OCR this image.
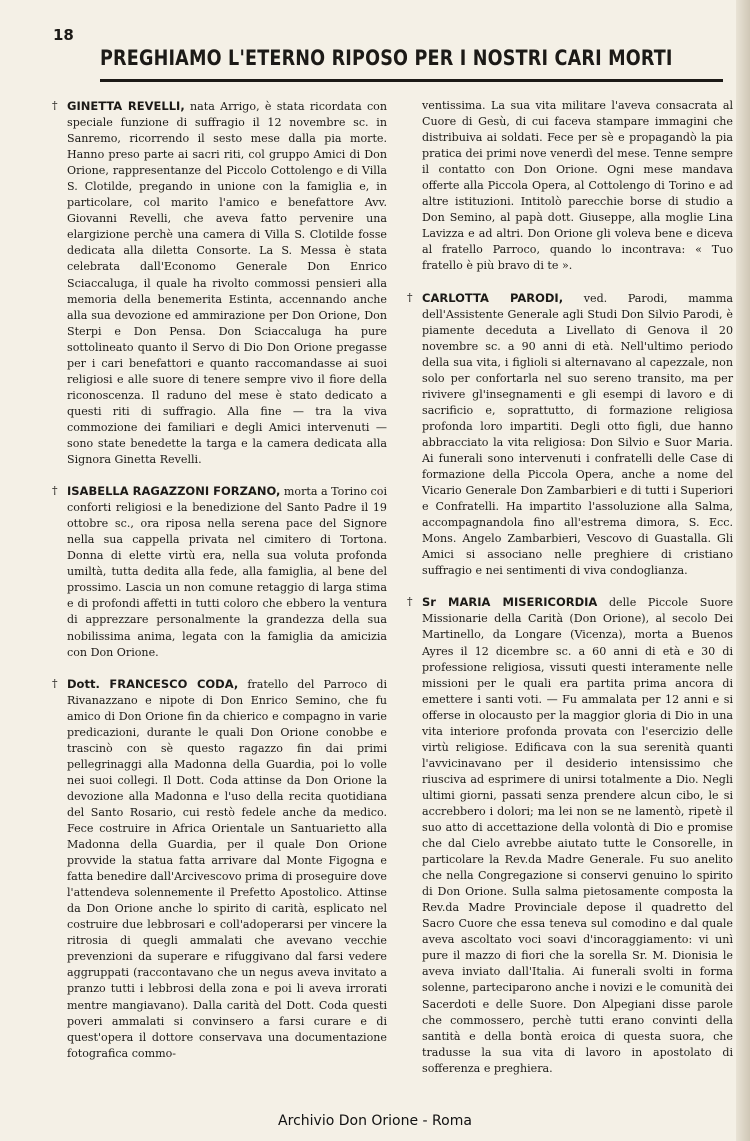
18
PREGHIAMO L'ETERNO RIPOSO PER I NOSTRI CARI MORTI

† GINETTA REVELLI, nata Arrigo, è stata ricordata con speciale funzione di suffragio il 12 novembre sc. in Sanremo, ricorrendo il sesto mese dalla pia morte. Hanno preso parte ai sacri riti, col gruppo Amici di Don Orione, rappresentanze del Piccolo Cottolengo e di Villa S. Clotilde, pregando in unione con la famiglia e, in particolare, col marito l'amico e benefattore Avv. Giovanni Revelli, che aveva fatto pervenire una elargizione perchè una camera di Villa S. Clotilde fosse dedicata alla diletta Consorte. La S. Messa è stata celebrata dall'Economo Generale Don Enrico Sciaccaluga, il quale ha rivolto commossi pensieri alla memoria della benemerita Estinta, accennando anche alla sua devozione ed ammirazione per Don Orione, Don Sterpi e Don Pensa. Don Sciaccaluga ha pure sottolineato quanto il Servo di Dio Don Orione pregasse per i cari benefattori e quanto raccomandasse ai suoi religiosi e alle suore di tenere sempre vivo il fiore della riconoscenza. Il raduno del mese è stato dedicato a questi riti di suffragio. Alla fine — tra la viva commozione dei familiari e degli Amici intervenuti — sono state benedette la targa e la camera dedicata alla Signora Ginetta Revelli.

† ISABELLA RAGAZZONI FORZANO, morta a Torino coi conforti religiosi e la benedizione del Santo Padre il 19 ottobre sc., ora riposa nella serena pace del Signore nella sua cappella privata nel cimitero di Tortona. Donna di elette virtù era, nella sua voluta profonda umiltà, tutta dedita alla fede, alla famiglia, al bene del prossimo. Lascia un non comune retaggio di larga stima e di profondi affetti in tutti coloro che ebbero la ventura di apprezzare personalmente la grandezza della sua nobilissima anima, legata con la famiglia da amicizia con Don Orione.

† Dott. FRANCESCO CODA, fratello del Parroco di Rivanazzano e nipote di Don Enrico Semino, che fu amico di Don Orione fin da chierico e compagno in varie predicazioni, durante le quali Don Orione conobbe e trascinò con sè questo ragazzo fin dai primi pellegrinaggi alla Madonna della Guardia, poi lo volle nei suoi collegi. Il Dott. Coda attinse da Don Orione la devozione alla Madonna e l'uso della recita quotidiana del Santo Rosario, cui restò fedele anche da medico. Fece costruire in Africa Orientale un Santuarietto alla Madonna della Guardia, per il quale Don Orione provvide la statua fatta arrivare dal Monte Figogna e fatta benedire dall'Arcivescovo prima di proseguire dove l'attendeva solennemente il Prefetto Apostolico. Attinse da Don Orione anche lo spirito di carità, esplicato nel costruire due lebbrosari e coll'adoperarsi per vincere la ritrosia di quegli ammalati che avevano vecchie prevenzioni da superare e rifuggivano dal farsi vedere aggruppati (raccontavano che un negus aveva invitato a pranzo tutti i lebbrosi della zona e poi li aveva irrorati mentre mangiavano). Dalla carità del Dott. Coda questi poveri ammalati si convinsero a farsi curare e di quest'opera il dottore conservava una documentazione fotografica commo-

ventissima. La sua vita militare l'aveva consacrata al Cuore di Gesù, di cui faceva stampare immagini che distribuiva ai soldati. Fece per sè e propagandò la pia pratica dei primi nove venerdì del mese. Tenne sempre il contatto con Don Orione. Ogni mese mandava offerte alla Piccola Opera, al Cottolengo di Torino e ad altre istituzioni. Intitolò parecchie borse di studio a Don Semino, al papà dott. Giuseppe, alla moglie Lina Lavizza e ad altri. Don Orione gli voleva bene e diceva al fratello Parroco, quando lo incontrava: « Tuo fratello è più bravo di te ».

† CARLOTTA PARODI, ved. Parodi, mamma dell'Assistente Generale agli Studi Don Silvio Parodi, è piamente deceduta a Livellato di Genova il 20 novembre sc. a 90 anni di età. Nell'ultimo periodo della sua vita, i figlioli si alternavano al capezzale, non solo per confortarla nel suo sereno transito, ma per rivivere gl'insegnamenti e gli esempi di lavoro e di sacrificio e, soprattutto, di formazione religiosa profonda loro impartiti. Degli otto figli, due hanno abbracciato la vita religiosa: Don Silvio e Suor Maria. Ai funerali sono intervenuti i confratelli delle Case di formazione della Piccola Opera, anche a nome del Vicario Generale Don Zambarbieri e di tutti i Superiori e Confratelli. Ha impartito l'assoluzione alla Salma, accompagnandola fino all'estrema dimora, S. Ecc. Mons. Angelo Zambarbieri, Vescovo di Guastalla. Gli Amici si associano nelle preghiere di cristiano suffragio e nei sentimenti di viva condoglianza.

† Sr MARIA MISERICORDIA delle Piccole Suore Missionarie della Carità (Don Orione), al secolo Dei Martinello, da Longare (Vicenza), morta a Buenos Ayres il 12 dicembre sc. a 60 anni di età e 30 di professione religiosa, vissuti questi interamente nelle missioni per le quali era partita prima ancora di emettere i santi voti. — Fu ammalata per 12 anni e si offerse in olocausto per la maggior gloria di Dio in una vita interiore profonda provata con l'esercizio delle virtù religiose. Edificava con la sua serenità quanti l'avvicinavano per il desiderio intensissimo che riusciva ad esprimere di unirsi totalmente a Dio. Negli ultimi giorni, passati senza prendere alcun cibo, le si accrebbero i dolori; ma lei non se ne lamentò, ripetè il suo atto di accettazione della volontà di Dio e promise che dal Cielo avrebbe aiutato tutte le Consorelle, in particolare la Rev.da Madre Generale. Fu suo anelito che nella Congregazione si conservi genuino lo spirito di Don Orione. Sulla salma pietosamente composta la Rev.da Madre Provinciale depose il quadretto del Sacro Cuore che essa teneva sul comodino e dal quale aveva ascoltato voci soavi d'incoraggiamento: vi unì pure il mazzo di fiori che la sorella Sr. M. Dionisia le aveva inviato dall'Italia. Ai funerali svolti in forma solenne, parteciparono anche i novizi e le comunità dei Sacerdoti e delle Suore. Don Alpegiani disse parole che commossero, perchè tutti erano convinti della santità e della bontà eroica di questa suora, che tradusse la sua vita di lavoro in apostolato di sofferenza e preghiera.

Archivio Don Orione - Roma
